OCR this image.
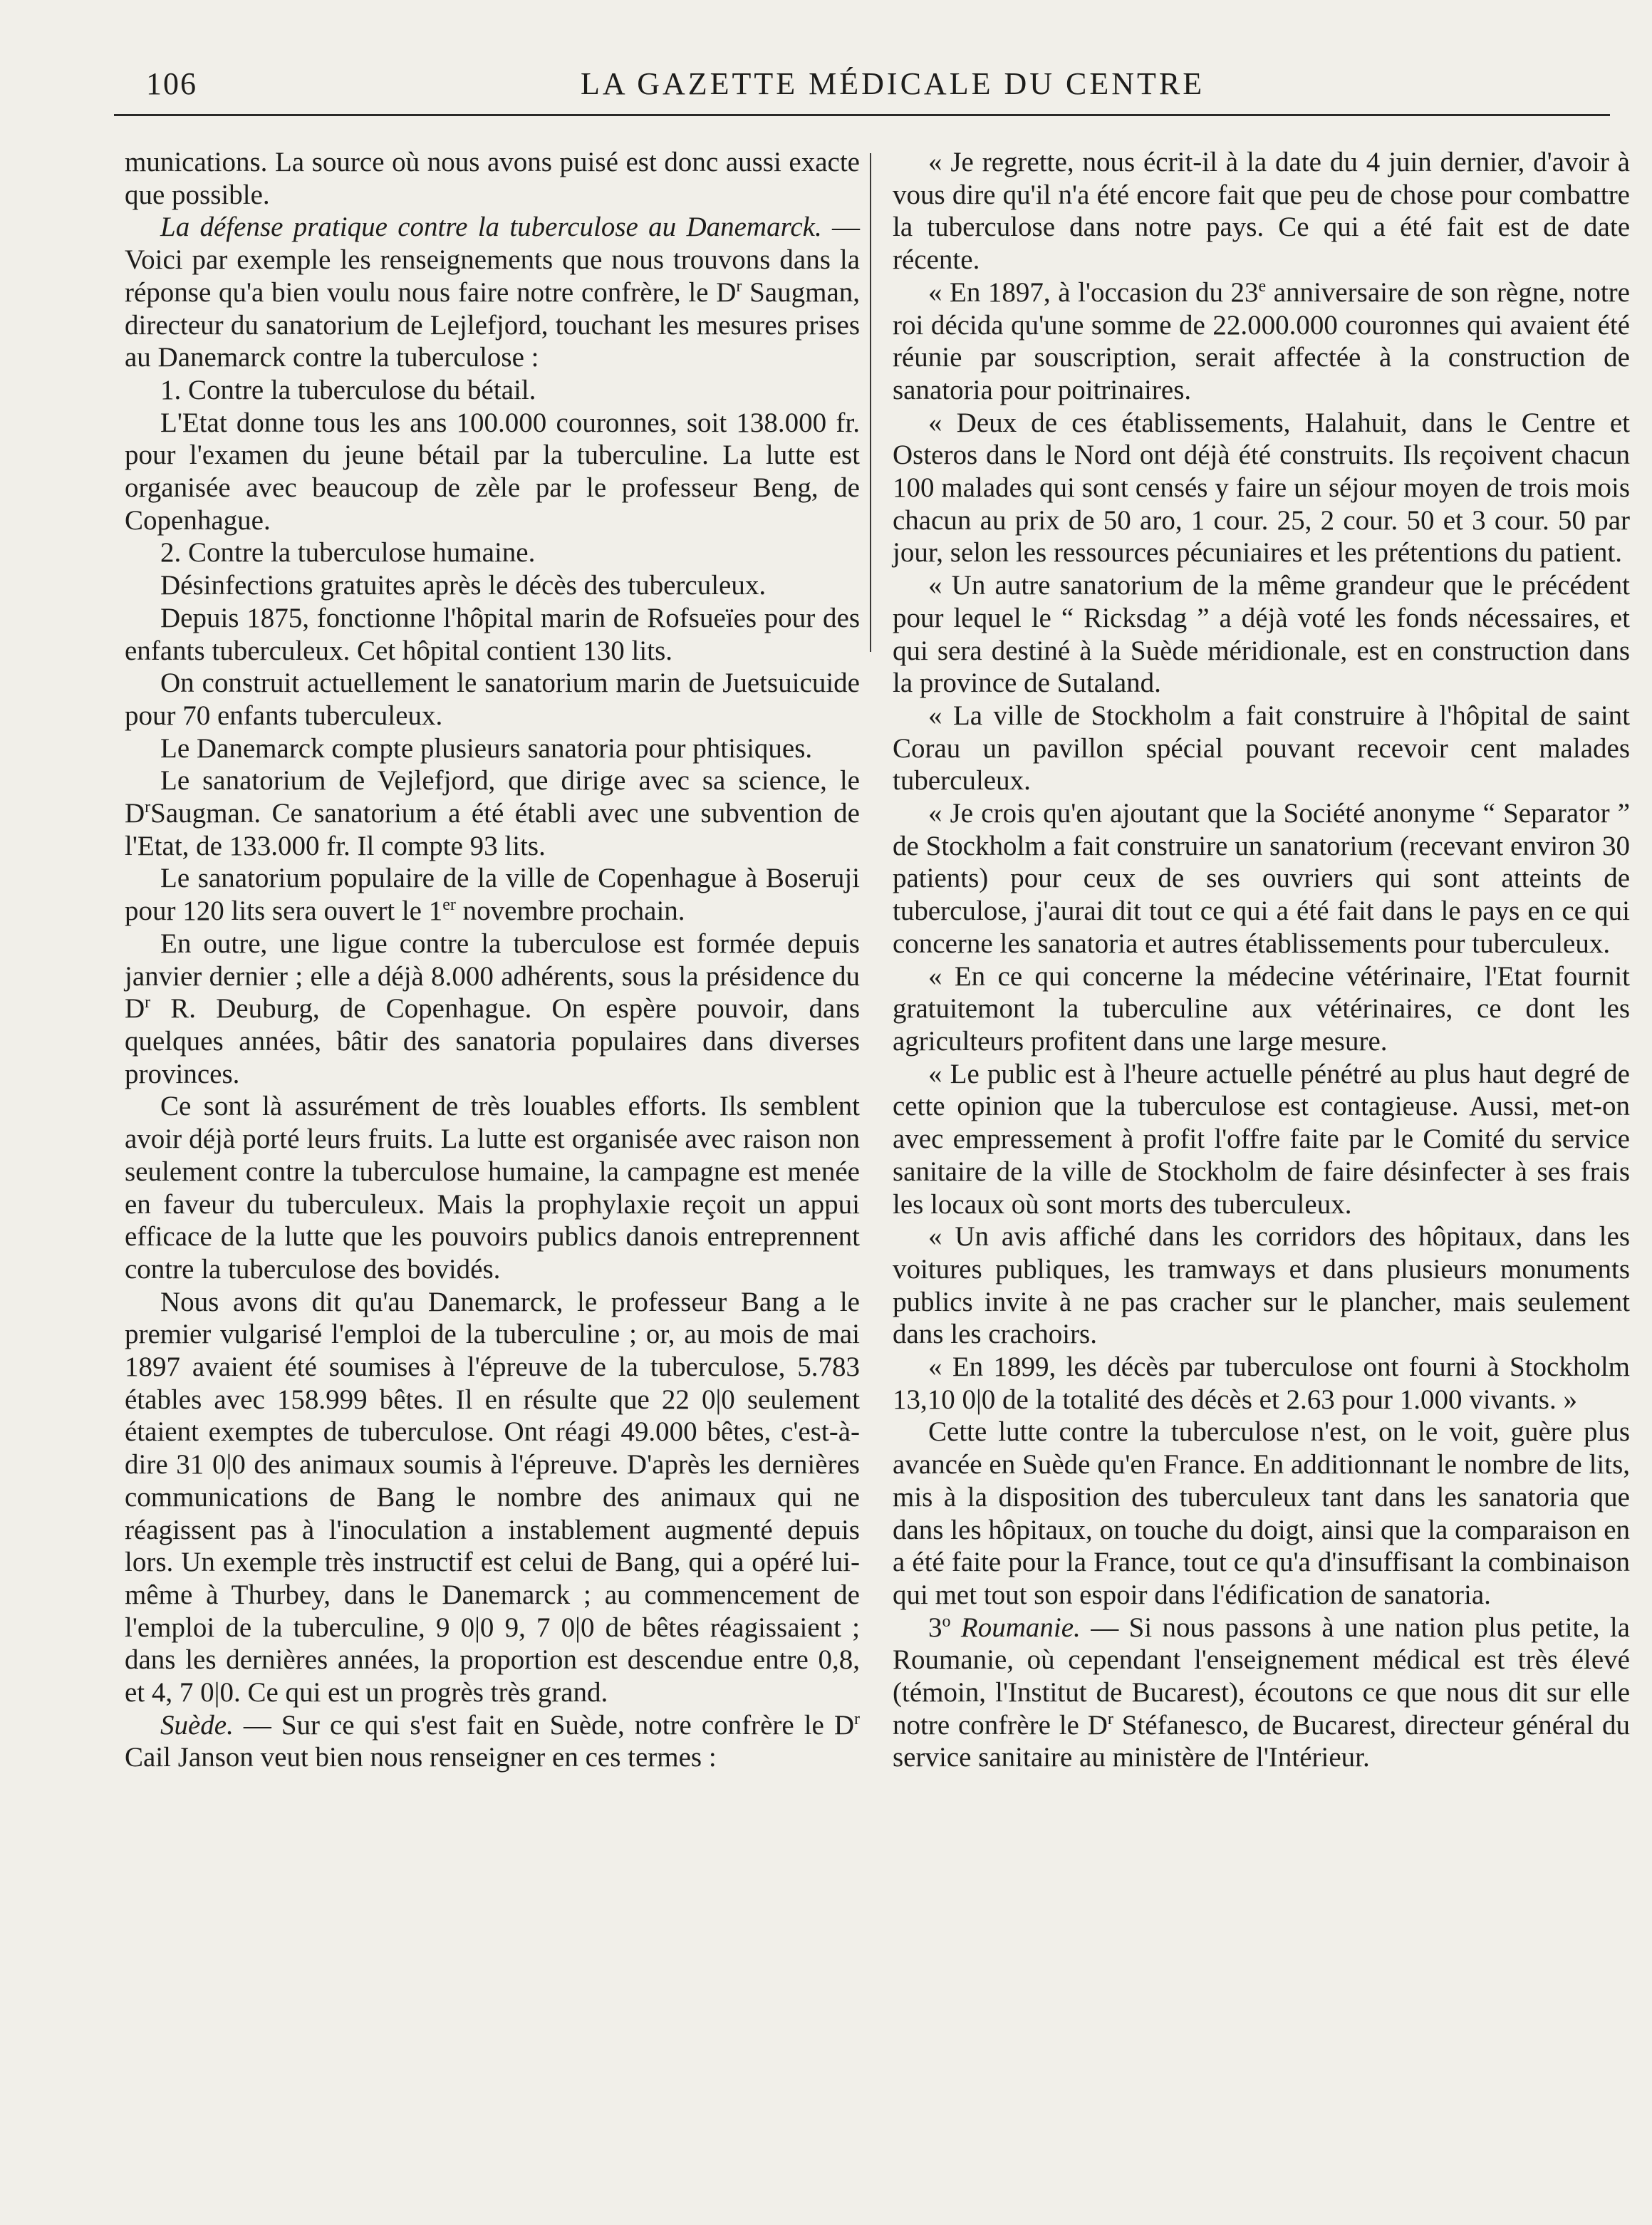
106	LA GAZETTE MÉDICALE DU CENTRE

munications. La source où nous avons puisé est donc aussi exacte que possible.

La défense pratique contre la tuberculose au Danemarck. — Voici par exemple les renseignements que nous trouvons dans la réponse qu'a bien voulu nous faire notre confrère, le $D^r$ Saugman, directeur du sanatorium de Lejlefjord, touchant les mesures prises au Danemarck contre la tuberculose :

1. Contre la tuberculose du bétail.

L'Etat donne tous les ans 100.000 couronnes, soit 138.000 fr. pour l'examen du jeune bétail par la tuberculine. La lutte est organisée avec beaucoup de zèle par le professeur Beng, de Copenhague.

2. Contre la tuberculose humaine.

Désinfections gratuites après le décès des tuberculeux.

Depuis 1875, fonctionne l'hôpital marin de Rofsueïes pour des enfants tuberculeux. Cet hôpital contient 130 lits.

On construit actuellement le sanatorium marin de Juetsuicuide pour 70 enfants tuberculeux.

Le Danemarck compte plusieurs sanatoria pour phtisiques.

Le sanatorium de Vejlefjord, que dirige avec sa science, le $D^rSaugman$. Ce sanatorium a été établi avec une subvention de l'Etat, de 133.000 fr. Il compte 93 lits.

Le sanatorium populaire de la ville de Copenhague à Boseruji pour 120 lits sera ouvert le 1er novembre prochain.

En outre, une ligue contre la tuberculose est formée depuis janvier dernier ; elle a déjà 8.000 adhérents, sous la présidence du $D^r$ R. Deuburg, de Copenhague. On espère pouvoir, dans quelques années, bâtir des sanatoria populaires dans diverses provinces.

Ce sont là assurément de très louables efforts. Ils semblent avoir déjà porté leurs fruits. La lutte est organisée avec raison non seulement contre la tuberculose humaine, la campagne est menée en faveur du tuberculeux. Mais la prophylaxie reçoit un appui efficace de la lutte que les pouvoirs publics danois entreprennent contre la tuberculose des bovidés.

Nous avons dit qu'au Danemarck, le professeur Bang a le premier vulgarisé l'emploi de la tuberculine ; or, au mois de mai 1897 avaient été soumises à l'épreuve de la tuberculose, 5.783 étables avec 158.999 bêtes. Il en résulte que 22 0|0 seulement étaient exemptes de tuberculose. Ont réagi 49.000 bêtes, c'est-à-dire 31 0|0 des animaux soumis à l'épreuve. D'après les dernières communications de Bang le nombre des animaux qui ne réagissent pas à l'inoculation a instablement augmenté depuis lors. Un exemple très instructif est celui de Bang, qui a opéré lui-même à Thurbey, dans le Danemarck ; au commencement de l'emploi de la tuberculine, 9 0|0 9, 7 0|0 de bêtes réagissaient ; dans les dernières années, la proportion est descendue entre 0,8, et 4, 7 0|0. Ce qui est un progrès très grand.

Suède. — Sur ce qui s'est fait en Suède, notre confrère le $D^r$ Cail Janson veut bien nous renseigner en ces termes :

« Je regrette, nous écrit-il à la date du 4 juin dernier, d'avoir à vous dire qu'il n'a été encore fait que peu de chose pour combattre la tuberculose dans notre pays. Ce qui a été fait est de date récente.

« En 1897, à l'occasion du 23e anniversaire de son règne, notre roi décida qu'une somme de 22.000.000 couronnes qui avaient été réunie par souscription, serait affectée à la construction de sanatoria pour poitrinaires.

« Deux de ces établissements, Halahuit, dans le Centre et Osteros dans le Nord ont déjà été construits. Ils reçoivent chacun 100 malades qui sont censés y faire un séjour moyen de trois mois chacun au prix de 50 aro, 1 cour. 25, 2 cour. 50 et 3 cour. 50 par jour, selon les ressources pécuniaires et les prétentions du patient.

« Un autre sanatorium de la même grandeur que le précédent pour lequel le “ Ricksdag ” a déjà voté les fonds nécessaires, et qui sera destiné à la Suède méridionale, est en construction dans la province de Sutaland.

« La ville de Stockholm a fait construire à l'hôpital de saint Corau un pavillon spécial pouvant recevoir cent malades tuberculeux.

« Je crois qu'en ajoutant que la Société anonyme “ Separator ” de Stockholm a fait construire un sanatorium (recevant environ 30 patients) pour ceux de ses ouvriers qui sont atteints de tuberculose, j'aurai dit tout ce qui a été fait dans le pays en ce qui concerne les sanatoria et autres établissements pour tuberculeux.

« En ce qui concerne la médecine vétérinaire, l'Etat fournit gratuitemont la tuberculine aux vétérinaires, ce dont les agriculteurs profitent dans une large mesure.

« Le public est à l'heure actuelle pénétré au plus haut degré de cette opinion que la tuberculose est contagieuse. Aussi, met-on avec empressement à profit l'offre faite par le Comité du service sanitaire de la ville de Stockholm de faire désinfecter à ses frais les locaux où sont morts des tuberculeux.

« Un avis affiché dans les corridors des hôpitaux, dans les voitures publiques, les tramways et dans plusieurs monuments publics invite à ne pas cracher sur le plancher, mais seulement dans les crachoirs.

« En 1899, les décès par tuberculose ont fourni à Stockholm 13,10 0|0 de la totalité des décès et 2.63 pour 1.000 vivants. »

Cette lutte contre la tuberculose n'est, on le voit, guère plus avancée en Suède qu'en France. En additionnant le nombre de lits, mis à la disposition des tuberculeux tant dans les sanatoria que dans les hôpitaux, on touche du doigt, ainsi que la comparaison en a été faite pour la France, tout ce qu'a d'insuffisant la combinaison qui met tout son espoir dans l'édification de sanatoria.

3$^o$ Roumanie. — Si nous passons à une nation plus petite, la Roumanie, où cependant l'enseignement médical est très élevé (témoin, l'Institut de Bucarest), écoutons ce que nous dit sur elle notre confrère le $D^r$ Stéfanesco, de Bucarest, directeur général du service sanitaire au ministère de l'Intérieur.
